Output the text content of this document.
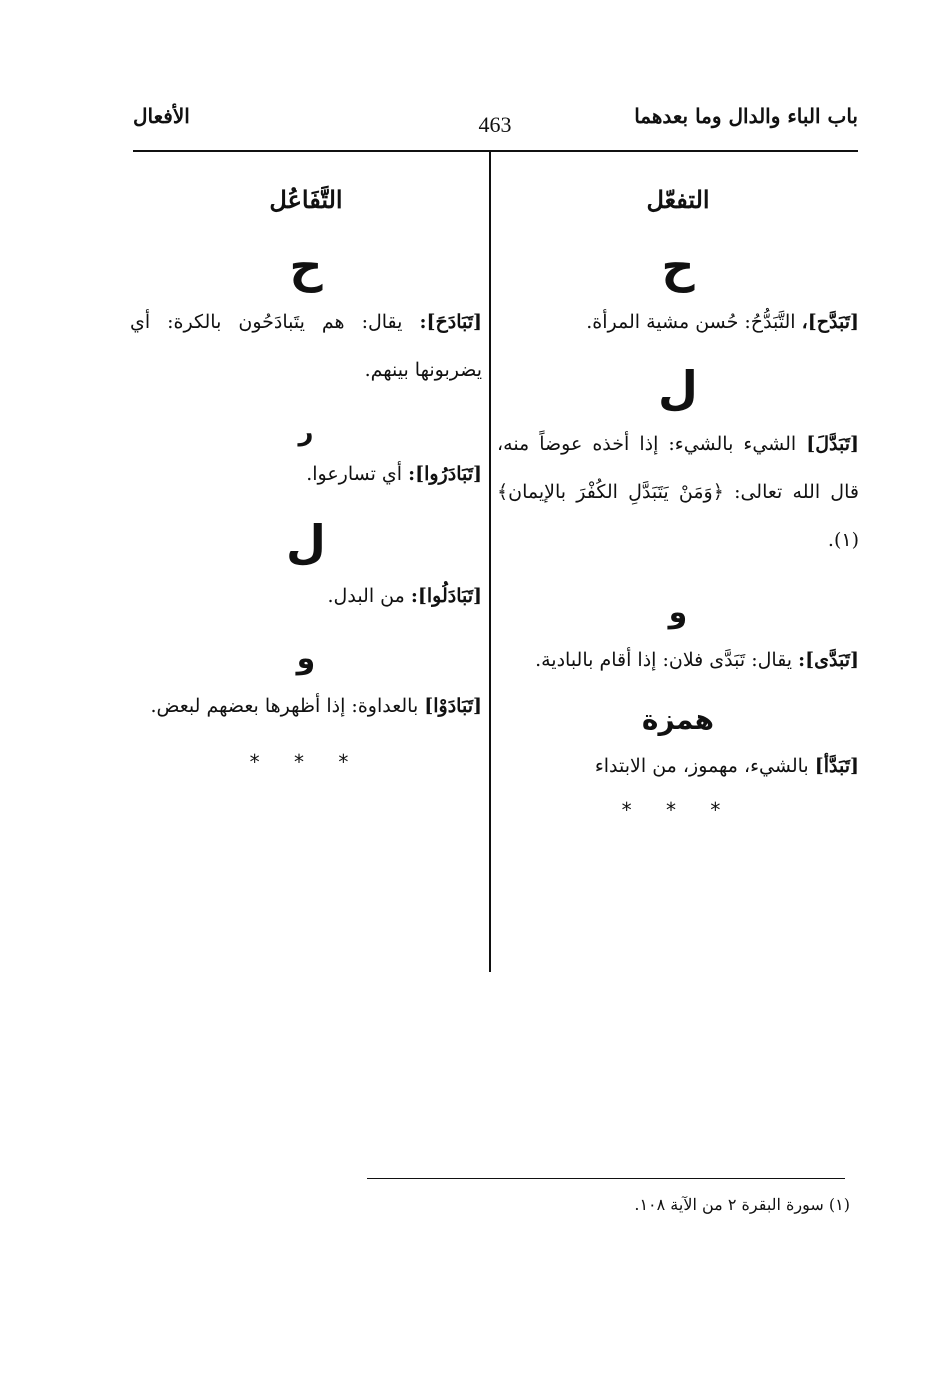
باب الباء والدال وما بعدهما
463
الأفعال
التفعّل
ح
[تَبَدَّح]، التَّبَدُّحُ: حُسن مشية المرأة.
ل
[تَبَدَّلَ] الشيء بالشيء: إذا أخذه عوضاً منه، قال الله تعالى: ﴿وَمَنْ يَتَبَدَّلِ الكُفْرَ بالإيمان﴾(١).
و
[تَبَدَّى]: يقال: تَبَدَّى فلان: إذا أقام بالبادية.
همزة
[تَبَدَّأ] بالشيء، مهموز، من الابتداء
* * *
التَّفَاعُل
ح
[تَبَادَحَ]: يقال: هم يتَبادَحُون بالكرة: أي يضربونها بينهم.
ر
[تَبَادَرُوا]: أي تسارعوا.
ل
[تَبَادَلُوا]: من البدل.
و
[تَبَادَوْا] بالعداوة: إذا أظهرها بعضهم لبعض.
* * *
(١) سورة البقرة ٢ من الآية ١٠٨.
